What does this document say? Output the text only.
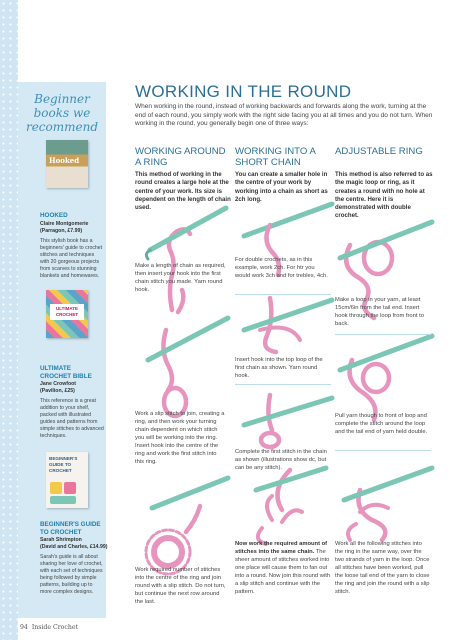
Beginner books we recommend
Hooked
HOOKED
Claire Montgomerie
(Parragon, £7.99)
This stylish book has a beginners' guide to crochet stitches and techniques with 20 gorgeous projects from scarves to stunning blankets and homewares.
ULTIMATE CROCHET
ULTIMATE CROCHET BIBLE
Jane Crowfoot
(Pavilion, £25)
This reference is a great addition to your shelf, packed with illustrated guides and patterns from simple stitches to advanced techniques.
BEGINNER'S GUIDE TO CROCHET
BEGINNER'S GUIDE TO CROCHET
Sarah Shrimpton
(David and Charles, £14.99)
Sarah's guide is all about sharing her love of crochet, with each set of techniques being followed by simple patterns, building up to more complex designs.
WORKING IN THE ROUND
When working in the round, instead of working backwards and forwards along the work, turning at the end of each round, you simply work with the right side facing you at all times and you do not turn. When working in the round, you generally begin one of three ways:
WORKING AROUND A RING
WORKING INTO A SHORT CHAIN
ADJUSTABLE RING
This method of working in the round creates a large hole at the centre of your work. Its size is dependent on the length of chain used.
You can create a smaller hole in the centre of your work by working into a chain as short as 2ch long.
This method is also referred to as the magic loop or ring, as it creates a round with no hole at the centre. Here it is demonstrated with double crochet.
Make a length of chain as required, then insert your hook into the first chain stitch you made. Yarn round hook.
Work a slip stitch to join, creating a ring, and then work your turning chain dependent on which stitch you will be working into the ring. Insert hook into the centre of the ring and work the first stitch into this ring.
Work required number of stitches into the centre of the ring and join round with a slip stitch. Do not turn, but continue the next row around the last.
For double crochets, as in this example, work 2ch. For htr you would work 3ch and for trebles, 4ch.
Insert hook into the top loop of the first chain as shown. Yarn round hook.
Complete the first stitch in the chain as shown (illustrations show dc, but can be any stitch).
Now work the required amount of stitches into the same chain. The sheer amount of stitches worked into one place will cause them to fan out into a round. Now join this round with a slip stitch and continue with the pattern.
Make a loop in your yarn, at least 15cm/6in from the tail end. Insert hook through the loop from front to back.
Pull yarn though to front of loop and complete the stitch around the loop and the tail end of yarn held double.
Work all the following stitches into the ring in the same way, over the two strands of yarn in the loop. Once all stitches have been worked, pull the loose tail end of the yarn to close the ring and join the round with a slip stitch.
94 Inside Crochet
